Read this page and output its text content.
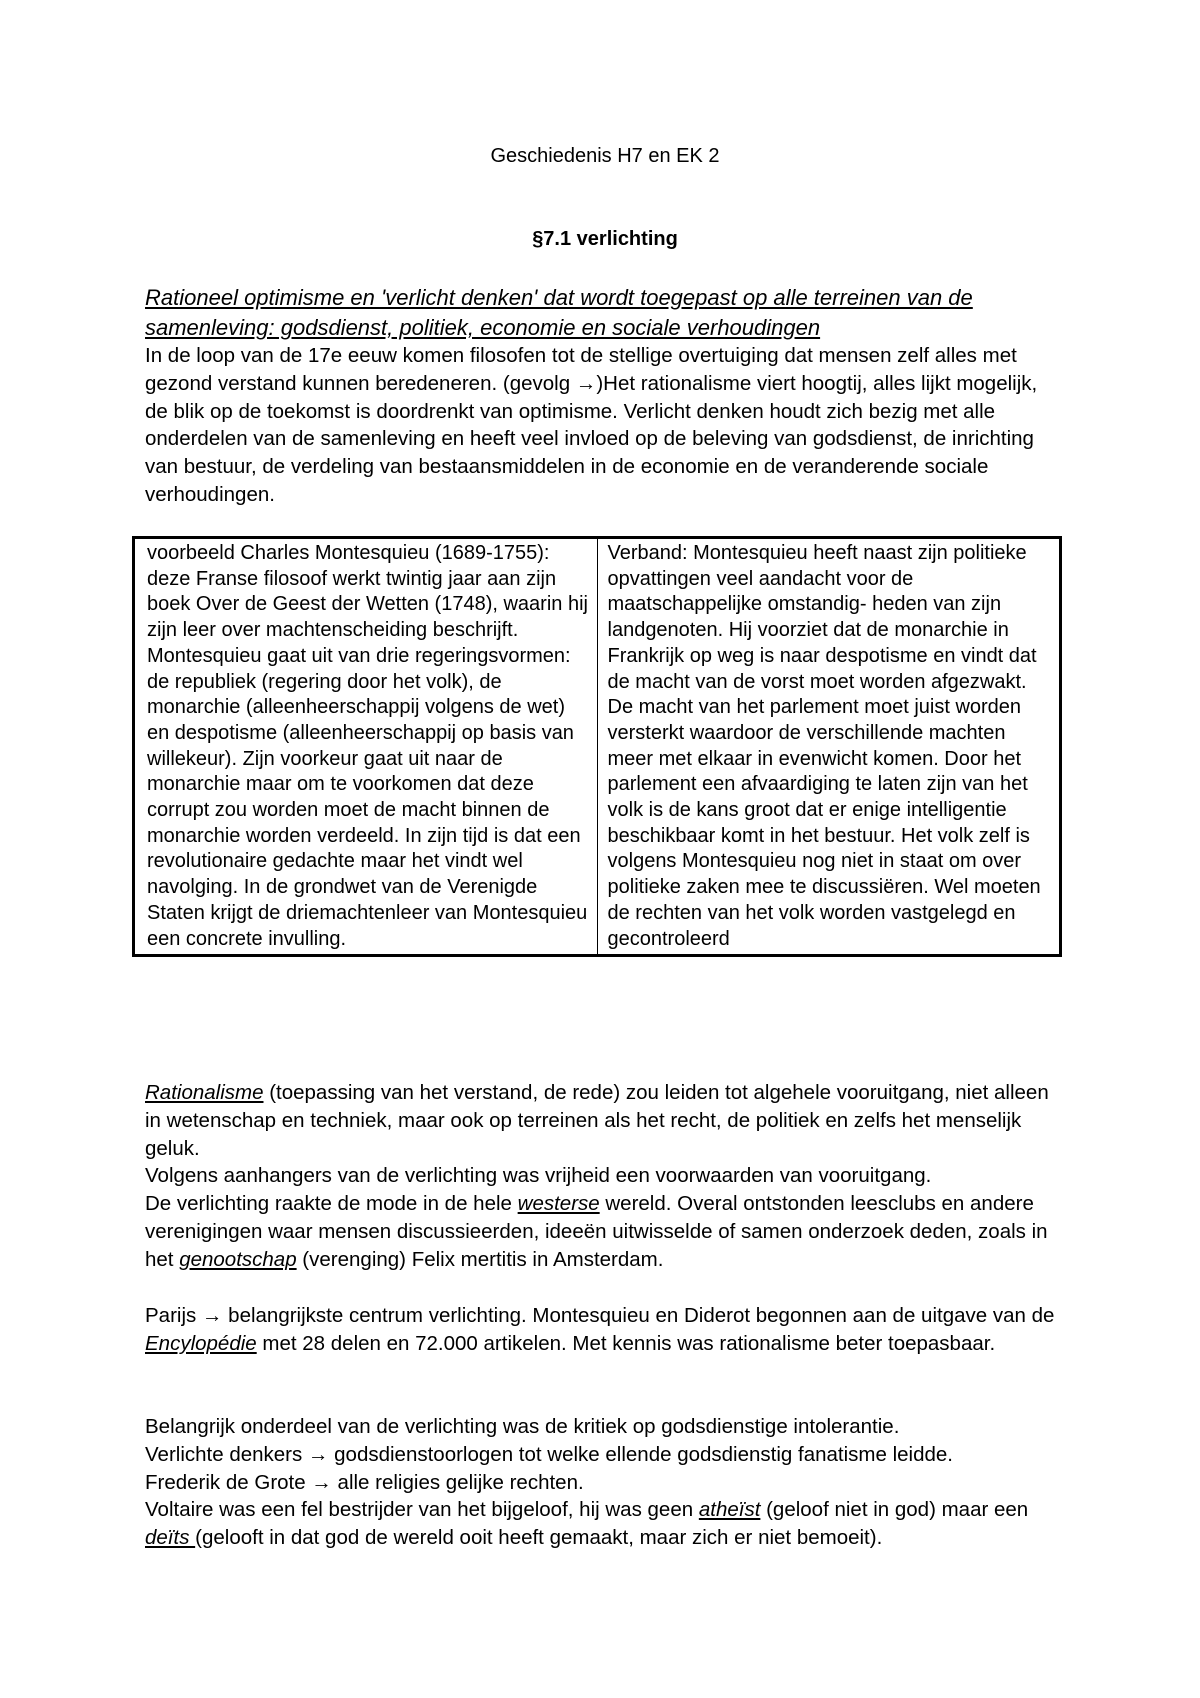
Geschiedenis H7 en EK 2
§7.1 verlichting
Rationeel optimisme en 'verlicht denken' dat wordt toegepast op alle terreinen van de samenleving: godsdienst, politiek, economie en sociale verhoudingen

In de loop van de 17e eeuw komen filosofen tot de stellige overtuiging dat mensen zelf alles met gezond verstand kunnen beredeneren. (gevolg →)Het rationalisme viert hoogtij, alles lijkt mogelijk, de blik op de toekomst is doordrenkt van optimisme. Verlicht denken houdt zich bezig met alle onderdelen van de samenleving en heeft veel invloed op de beleving van godsdienst, de inrichting van bestuur, de verdeling van bestaansmiddelen in de economie en de veranderende sociale verhoudingen.

voorbeeld Charles Montesquieu (1689-1755): deze Franse filosoof werkt twintig jaar aan zijn boek Over de Geest der Wetten (1748), waarin hij zijn leer over machtenscheiding beschrijft. Montesquieu gaat uit van drie regeringsvormen: de republiek (regering door het volk), de monarchie (alleenheerschappij volgens de wet) en despotisme (alleenheerschappij op basis van willekeur). Zijn voorkeur gaat uit naar de monarchie maar om te voorkomen dat deze corrupt zou worden moet de macht binnen de monarchie worden verdeeld. In zijn tijd is dat een revolutionaire gedachte maar het vindt wel navolging. In de grondwet van de Verenigde Staten krijgt de driemachtenleer van Montesquieu een concrete invulling.	Verband: Montesquieu heeft naast zijn politieke opvattingen veel aandacht voor de maatschappelijke omstandig- heden van zijn landgenoten. Hij voorziet dat de monarchie in Frankrijk op weg is naar despotisme en vindt dat de macht van de vorst moet worden afgezwakt. De macht van het parlement moet juist worden versterkt waardoor de verschillende machten meer met elkaar in evenwicht komen. Door het parlement een afvaardiging te laten zijn van het volk is de kans groot dat er enige intelligentie beschikbaar komt in het bestuur. Het volk zelf is volgens Montesquieu nog niet in staat om over politieke zaken mee te discussiëren. Wel moeten de rechten van het volk worden vastgelegd en gecontroleerd

Rationalisme (toepassing van het verstand, de rede) zou leiden tot algehele vooruitgang, niet alleen in wetenschap en techniek, maar ook op terreinen als het recht, de politiek en zelfs het menselijk geluk.

Volgens aanhangers van de verlichting was vrijheid een voorwaarden van vooruitgang.

De verlichting raakte de mode in de hele westerse wereld. Overal ontstonden leesclubs en andere verenigingen waar mensen discussieerden, ideeën uitwisselde of samen onderzoek deden, zoals in het genootschap (verenging) Felix mertitis in Amsterdam.

Parijs → belangrijkste centrum verlichting. Montesquieu en Diderot begonnen aan de uitgave van de Encylopédie met 28 delen en 72.000 artikelen. Met kennis was rationalisme beter toepasbaar.

Belangrijk onderdeel van de verlichting was de kritiek op godsdienstige intolerantie.

Verlichte denkers → godsdienstoorlogen tot welke ellende godsdienstig fanatisme leidde.

Frederik de Grote → alle religies gelijke rechten.

Voltaire was een fel bestrijder van het bijgeloof, hij was geen atheïst (geloof niet in god) maar een deïts (gelooft in dat god de wereld ooit heeft gemaakt, maar zich er niet bemoeit).
